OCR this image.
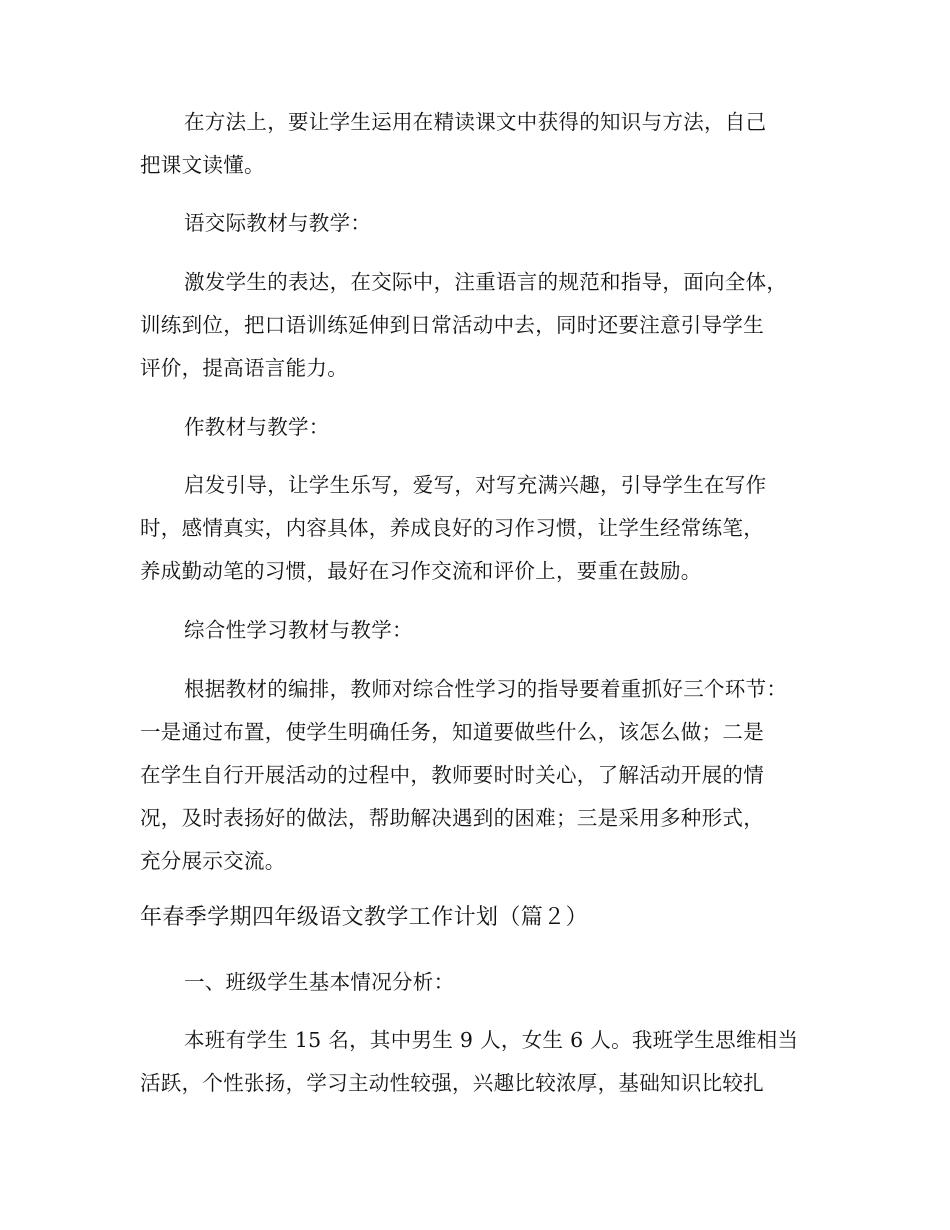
在方法上，要让学生运用在精读课文中获得的知识与方法，自己
把课文读懂。
语交际教材与教学：
激发学生的表达，在交际中，注重语言的规范和指导，面向全体，
训练到位，把口语训练延伸到日常活动中去，同时还要注意引导学生
评价，提高语言能力。
作教材与教学：
启发引导，让学生乐写，爱写，对写充满兴趣，引导学生在写作
时，感情真实，内容具体，养成良好的习作习惯，让学生经常练笔，
养成勤动笔的习惯，最好在习作交流和评价上，要重在鼓励。
综合性学习教材与教学：
根据教材的编排，教师对综合性学习的指导要着重抓好三个环节：
一是通过布置，使学生明确任务，知道要做些什么，该怎么做；二是
在学生自行开展活动的过程中，教师要时时关心，了解活动开展的情
况，及时表扬好的做法，帮助解决遇到的困难；三是采用多种形式，
充分展示交流。
年春季学期四年级语文教学工作计划（篇２）
一、班级学生基本情况分析：
本班有学生 15 名，其中男生 9 人，女生 6 人。我班学生思维相当
活跃，个性张扬，学习主动性较强，兴趣比较浓厚，基础知识比较扎
